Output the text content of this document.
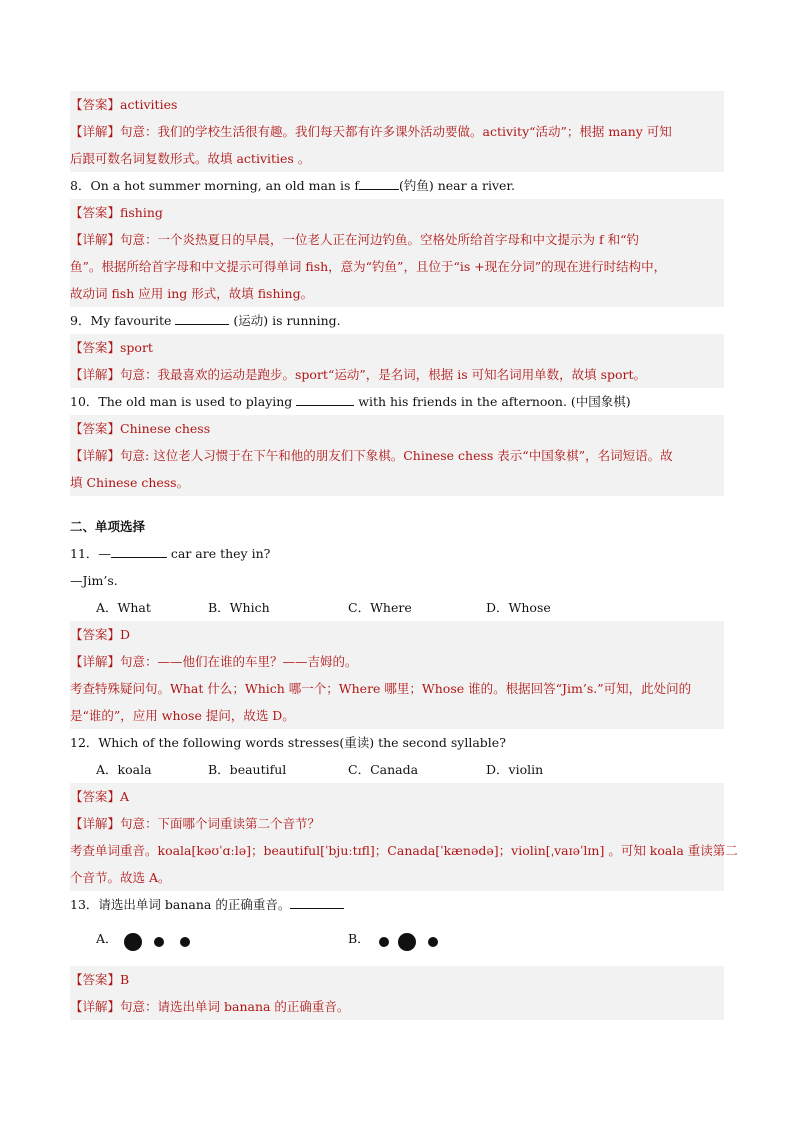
【答案】activities
【详解】句意：我们的学校生活很有趣。我们每天都有许多课外活动要做。activity“活动”；根据 many 可知
后跟可数名词复数形式。故填 activities 。
8．On a hot summer morning, an old man is f	(钓鱼) near a river.
【答案】fishing
【详解】句意：一个炎热夏日的早晨，一位老人正在河边钓鱼。空格处所给首字母和中文提示为 f 和“钓
鱼”。根据所给首字母和中文提示可得单词 fish，意为“钓鱼”，且位于“is +现在分词”的现在进行时结构中，
故动词 fish 应用 ing 形式，故填 fishing。
9．My favourite	(运动) is running.
【答案】sport
【详解】句意：我最喜欢的运动是跑步。sport“运动”，是名词，根据 is 可知名词用单数，故填 sport。
10．The old man is used to playing	with his friends in the afternoon. (中国象棋)
【答案】Chinese chess
【详解】句意: 这位老人习惯于在下午和他的朋友们下象棋。Chinese chess 表示“中国象棋”，名词短语。故
填 Chinese chess。
二、单项选择
11．—	car are they in?
—Jim’s.
A．What	B．Which	C．Where	D．Whose
【答案】D
【详解】句意：——他们在谁的车里？——吉姆的。
考查特殊疑问句。What 什么；Which 哪一个；Where 哪里；Whose 谁的。根据回答“Jim’s.”可知，此处问的
是“谁的”，应用 whose 提问，故选 D。
12．Which of the following words stresses(重读) the second syllable?
A．koala	B．beautiful	C．Canada	D．violin
【答案】A
【详解】句意：下面哪个词重读第二个音节？
考查单词重音。koala[kəʊˈɑːlə]；beautiful[ˈbjuːtɪfl]；Canada[ˈkænədə]；violin[ˌvaɪəˈlɪn] 。可知 koala 重读第二
个音节。故选 A。
13．请选出单词 banana 的正确重音。
A．	B．
【答案】B
【详解】句意：请选出单词 banana 的正确重音。
